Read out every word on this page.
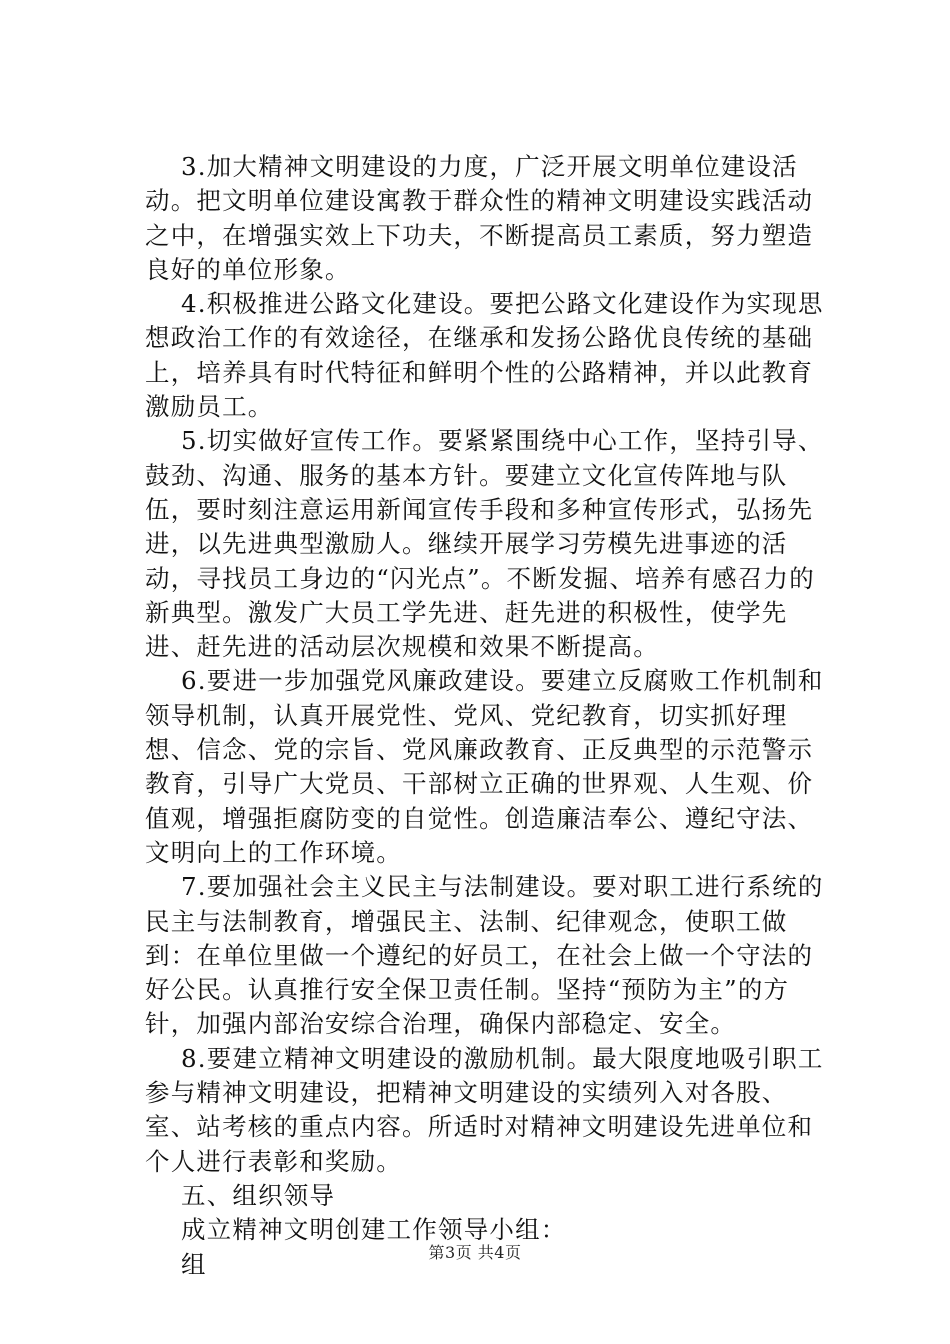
3.加大精神文明建设的力度，广泛开展文明单位建设活动。把文明单位建设寓教于群众性的精神文明建设实践活动之中，在增强实效上下功夫，不断提高员工素质，努力塑造良好的单位形象。

4.积极推进公路文化建设。要把公路文化建设作为实现思想政治工作的有效途径，在继承和发扬公路优良传统的基础上，培养具有时代特征和鲜明个性的公路精神，并以此教育激励员工。

5.切实做好宣传工作。要紧紧围绕中心工作，坚持引导、鼓劲、沟通、服务的基本方针。要建立文化宣传阵地与队伍，要时刻注意运用新闻宣传手段和多种宣传形式，弘扬先进，以先进典型激励人。继续开展学习劳模先进事迹的活动，寻找员工身边的“闪光点”。不断发掘、培养有感召力的新典型。激发广大员工学先进、赶先进的积极性，使学先进、赶先进的活动层次规模和效果不断提高。

6.要进一步加强党风廉政建设。要建立反腐败工作机制和领导机制，认真开展党性、党风、党纪教育，切实抓好理想、信念、党的宗旨、党风廉政教育、正反典型的示范警示教育，引导广大党员、干部树立正确的世界观、人生观、价值观，增强拒腐防变的自觉性。创造廉洁奉公、遵纪守法、文明向上的工作环境。

7.要加强社会主义民主与法制建设。要对职工进行系统的民主与法制教育，增强民主、法制、纪律观念，使职工做到：在单位里做一个遵纪的好员工，在社会上做一个守法的好公民。认真推行安全保卫责任制。坚持“预防为主”的方针，加强内部治安综合治理，确保内部稳定、安全。

8.要建立精神文明建设的激励机制。最大限度地吸引职工参与精神文明建设，把精神文明建设的实绩列入对各股、室、站考核的重点内容。所适时对精神文明建设先进单位和个人进行表彰和奖励。

五、组织领导

成立精神文明创建工作领导小组：

组	第3页 共4页
